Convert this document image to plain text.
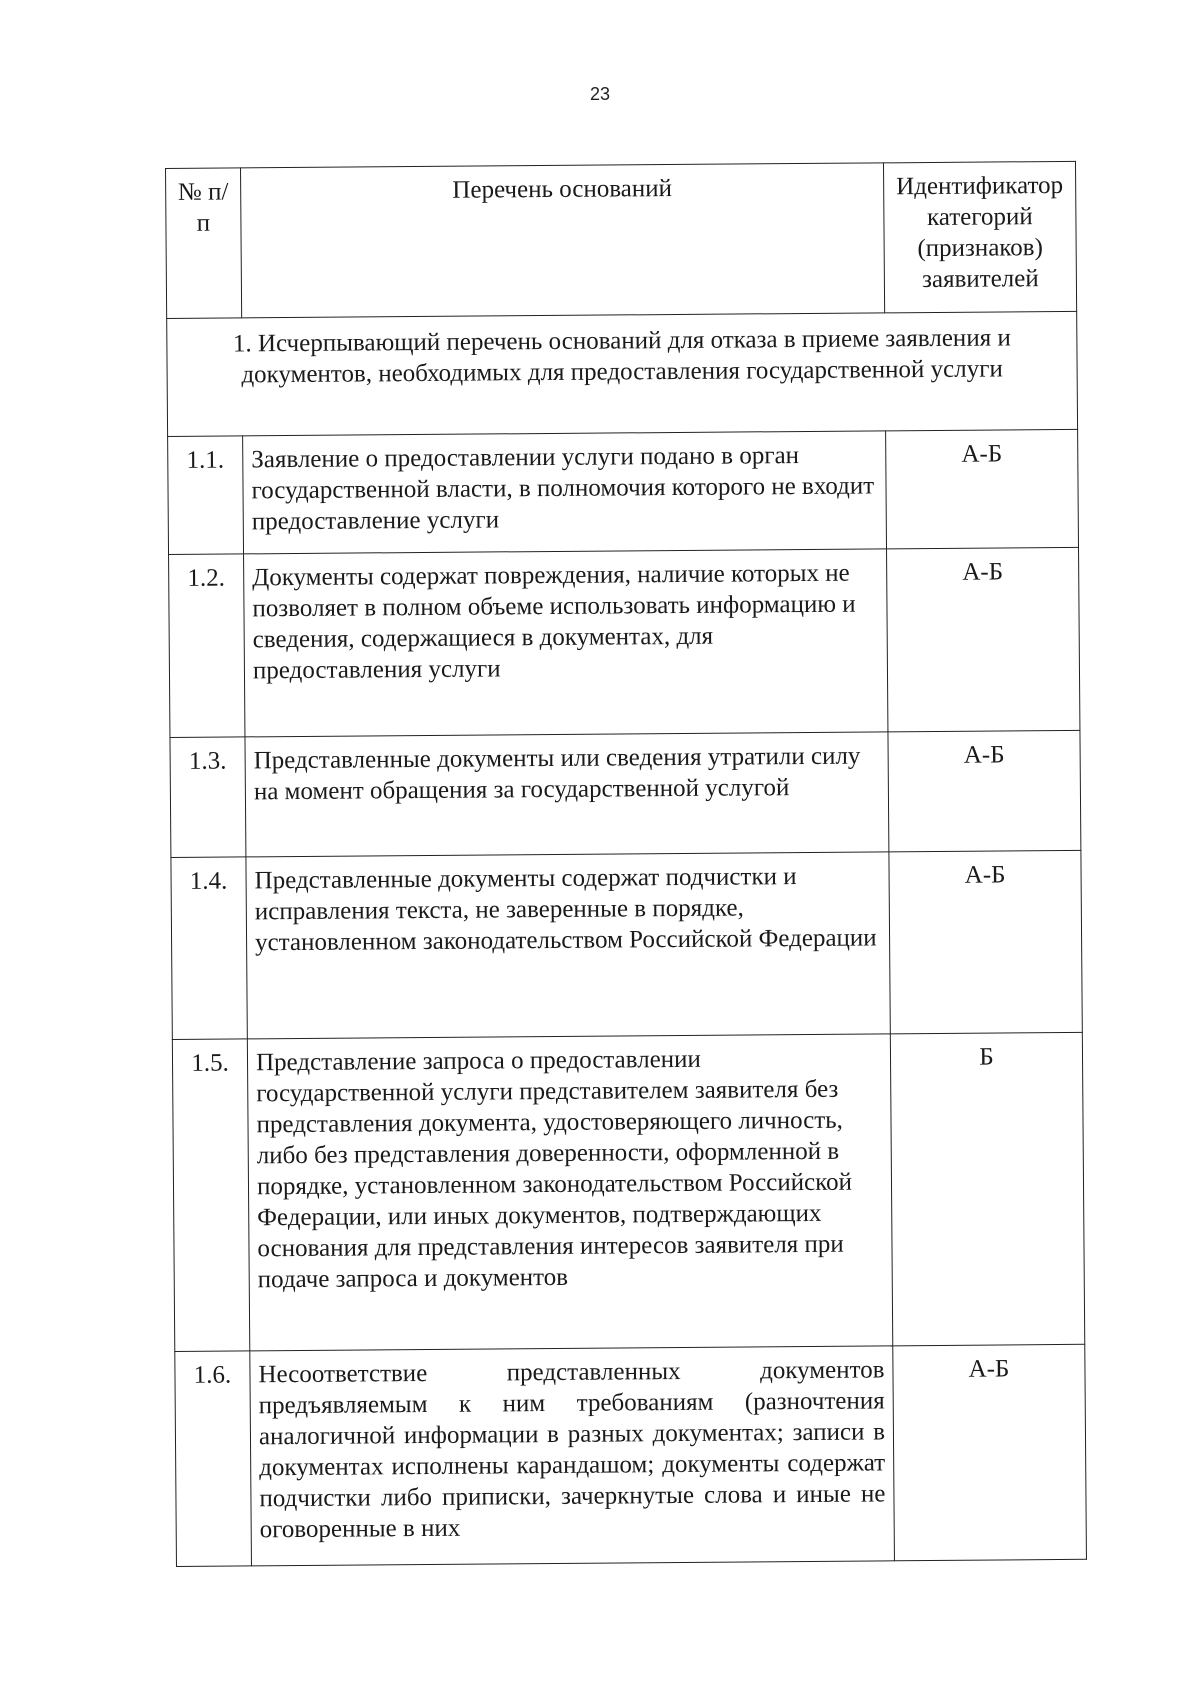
23
№ п/п	Перечень оснований	Идентификатор категорий (признаков) заявителей
1. Исчерпывающий перечень оснований для отказа в приеме заявления и документов, необходимых для предоставления государственной услуги		
1.1.	Заявление о предоставлении услуги подано в орган государственной власти, в полномочия которого не входит предоставление услуги	А-Б
1.2.	Документы содержат повреждения, наличие которых не позволяет в полном объеме использовать информацию и сведения, содержащиеся в документах, для предоставления услуги	А-Б
1.3.	Представленные документы или сведения утратили силу на момент обращения за государственной услугой	А-Б
1.4.	Представленные документы содержат подчистки и исправления текста, не заверенные в порядке, установленном законодательством Российской Федерации	А-Б
1.5.	Представление запроса о предоставлении государственной услуги представителем заявителя без представления документа, удостоверяющего личность, либо без представления доверенности, оформленной в порядке, установленном законодательством Российской Федерации, или иных документов, подтверждающих основания для представления интересов заявителя при подаче запроса и документов	Б
1.6.	Несоответствие представленных документов предъявляемым к ним требованиям (разночтения аналогичной информации в разных документах; записи в документах исполнены карандашом; документы содержат подчистки либо приписки, зачеркнутые слова и иные не оговоренные в них	А-Б
